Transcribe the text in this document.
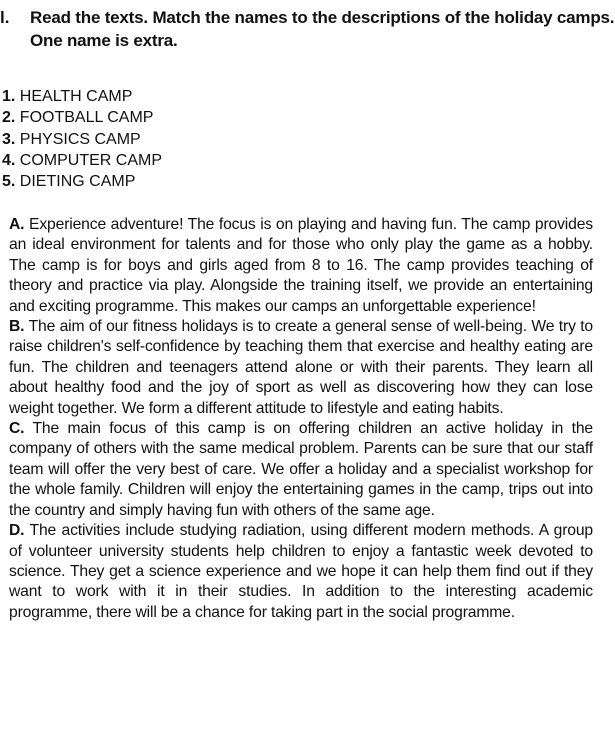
l. Read the texts. Match the names to the descriptions of the holiday camps. One name is extra.
1. HEALTH CAMP
2. FOOTBALL CAMP
3. PHYSICS CAMP
4. COMPUTER CAMP
5. DIETING CAMP

A. Experience adventure! The focus is on playing and having fun. The camp provides an ideal environment for talents and for those who only play the game as a hobby. The camp is for boys and girls aged from 8 to 16. The camp provides teaching of theory and practice via play. Alongside the training itself, we provide an entertaining and exciting programme. This makes our camps an unforgettable experience!

B. The aim of our fitness holidays is to create a general sense of well-being. We try to raise children's self-confidence by teaching them that exercise and healthy eating are fun. The children and teenagers attend alone or with their parents. They learn all about healthy food and the joy of sport as well as discovering how they can lose weight together. We form a different attitude to lifestyle and eating habits.

C. The main focus of this camp is on offering children an active holiday in the company of others with the same medical problem. Parents can be sure that our staff team will offer the very best of care. We offer a holiday and a specialist workshop for the whole family. Children will enjoy the entertaining games in the camp, trips out into the country and simply having fun with others of the same age.

D. The activities include studying radiation, using different modern methods. A group of volunteer university students help children to enjoy a fantastic week devoted to science. They get a science experience and we hope it can help them find out if they want to work with it in their studies. In addition to the interesting academic programme, there will be a chance for taking part in the social programme.
